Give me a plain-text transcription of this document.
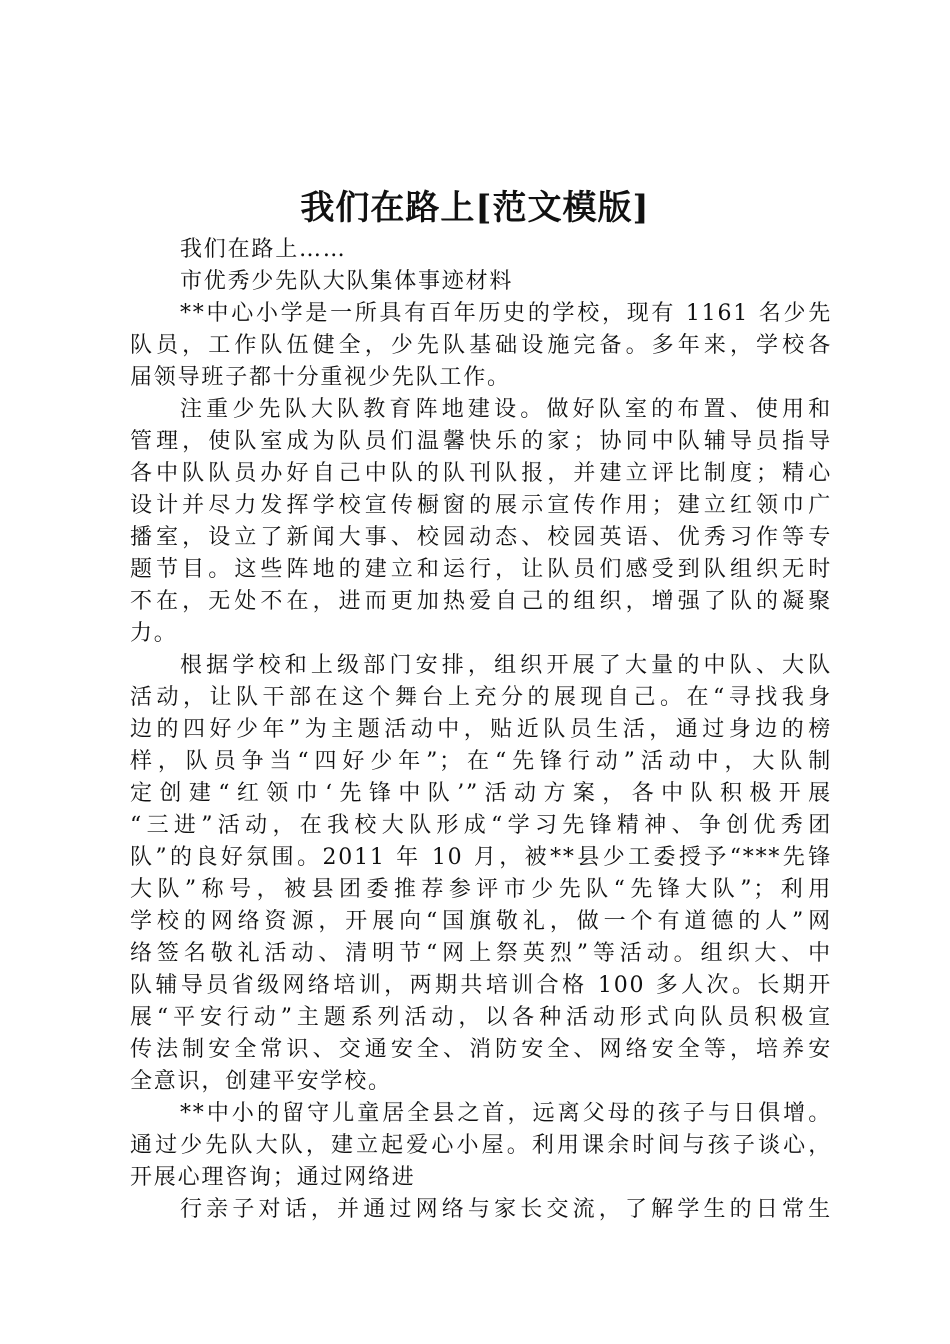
我们在路上[范文模版]
我们在路上……
市优秀少先队大队集体事迹材料
**中心小学是一所具有百年历史的学校，现有 1161 名少先
队员，工作队伍健全，少先队基础设施完备。多年来，学校各
届领导班子都十分重视少先队工作。
注重少先队大队教育阵地建设。做好队室的布置、使用和
管理，使队室成为队员们温馨快乐的家；协同中队辅导员指导
各中队队员办好自己中队的队刊队报，并建立评比制度；精心
设计并尽力发挥学校宣传橱窗的展示宣传作用；建立红领巾广
播室，设立了新闻大事、校园动态、校园英语、优秀习作等专
题节目。这些阵地的建立和运行，让队员们感受到队组织无时
不在，无处不在，进而更加热爱自己的组织，增强了队的凝聚
力。
根据学校和上级部门安排，组织开展了大量的中队、大队
活动，让队干部在这个舞台上充分的展现自己。在“寻找我身
边的四好少年”为主题活动中，贴近队员生活，通过身边的榜
样，队员争当“四好少年”；在“先锋行动”活动中，大队制
定创建“红领巾‘先锋中队’”活动方案，各中队积极开展
“三进”活动，在我校大队形成“学习先锋精神、争创优秀团
队”的良好氛围。2011 年 10 月，被**县少工委授予“***先锋
大队”称号，被县团委推荐参评市少先队“先锋大队”；利用
学校的网络资源，开展向“国旗敬礼，做一个有道德的人”网
络签名敬礼活动、清明节“网上祭英烈”等活动。组织大、中
队辅导员省级网络培训，两期共培训合格 100 多人次。长期开
展“平安行动”主题系列活动，以各种活动形式向队员积极宣
传法制安全常识、交通安全、消防安全、网络安全等，培养安
全意识，创建平安学校。
**中小的留守儿童居全县之首，远离父母的孩子与日俱增。
通过少先队大队，建立起爱心小屋。利用课余时间与孩子谈心，
开展心理咨询；通过网络进
行亲子对话，并通过网络与家长交流，了解学生的日常生
